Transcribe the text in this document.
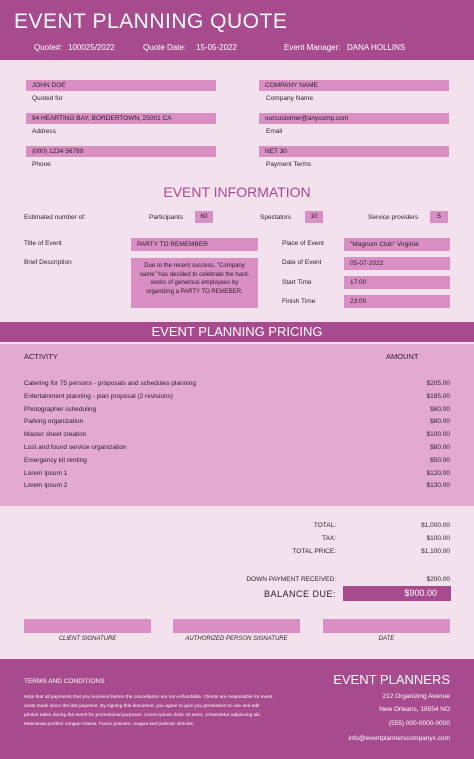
EVENT PLANNING QUOTE
Quote#: 100025/2022	Quote Date: 15-05-2022	Event Manager: DANA HOLLINS
JOHN DOE
Quoted for
94 HEARTING BAY, BORDERTOWN, 25001 CA
Address
(000) 1234 56789
Phone
COMPANY NAME
Company Name
ourcustomer@anycomp.com
Email
NET 30
Payment Terms
EVENT INFORMATION
Estimated number of:	Participants	60	Spectators	10	Service providers	5
Title of Event	PARTY TO REMEMBER
Brief Description	Due to the recent success, "Company name" has decided to celebrate the hard-works of generous employees by organizing a PARTY TO REMEBER.
Place of Event	"Magnum Club" Virginia
Date of Event	05-07-2022
Start Time	17:00
Finish Time	23:00
EVENT PLANNING PRICING
ACTIVITY	AMOUNT
Catering for 75 persons - proposals and schedules planning	$205.00
Entertainment planning - plan proposal (2 revisions)	$185.00
Photographer scheduling	$80.00
Parking organization	$80.00
Master sheet creation	$100.00
Lost and found service organization	$80.00
Emergency kit renting	$50.00
Lorem Ipsum 1	$120.00
Lorem Ipsum 2	$130.00
TOTAL:	$1,000.00
TAX:	$100.00
TOTAL PRICE:	$1,100.00
DOWN PAYMENT RECEIVED:	$200.00
BALANCE DUE:	$900.00
CLIENT SIGNATURE	AUTHORIZED PERSON SIGNATURE	DATE
TERMS AND CONDITIONS
Note that all payments that you received before the cancellation are non-refundable. Clients are responsible for event costs made since the last payment. By signing this document, you agree to give you permission to use and edit photos taken during the event for promotional purposes. Lorem ipsum dolor sit amet, consectetur adipiscing elit. Maecenas porttitor congue massa. Fusce posuere, magna sed pulvinar ultricies.
EVENT PLANNERS
212 Organizing Avenue
New Orleans, 18554 NO
(555) 000-0000-0000
info@eventplannerscompanyx.com
